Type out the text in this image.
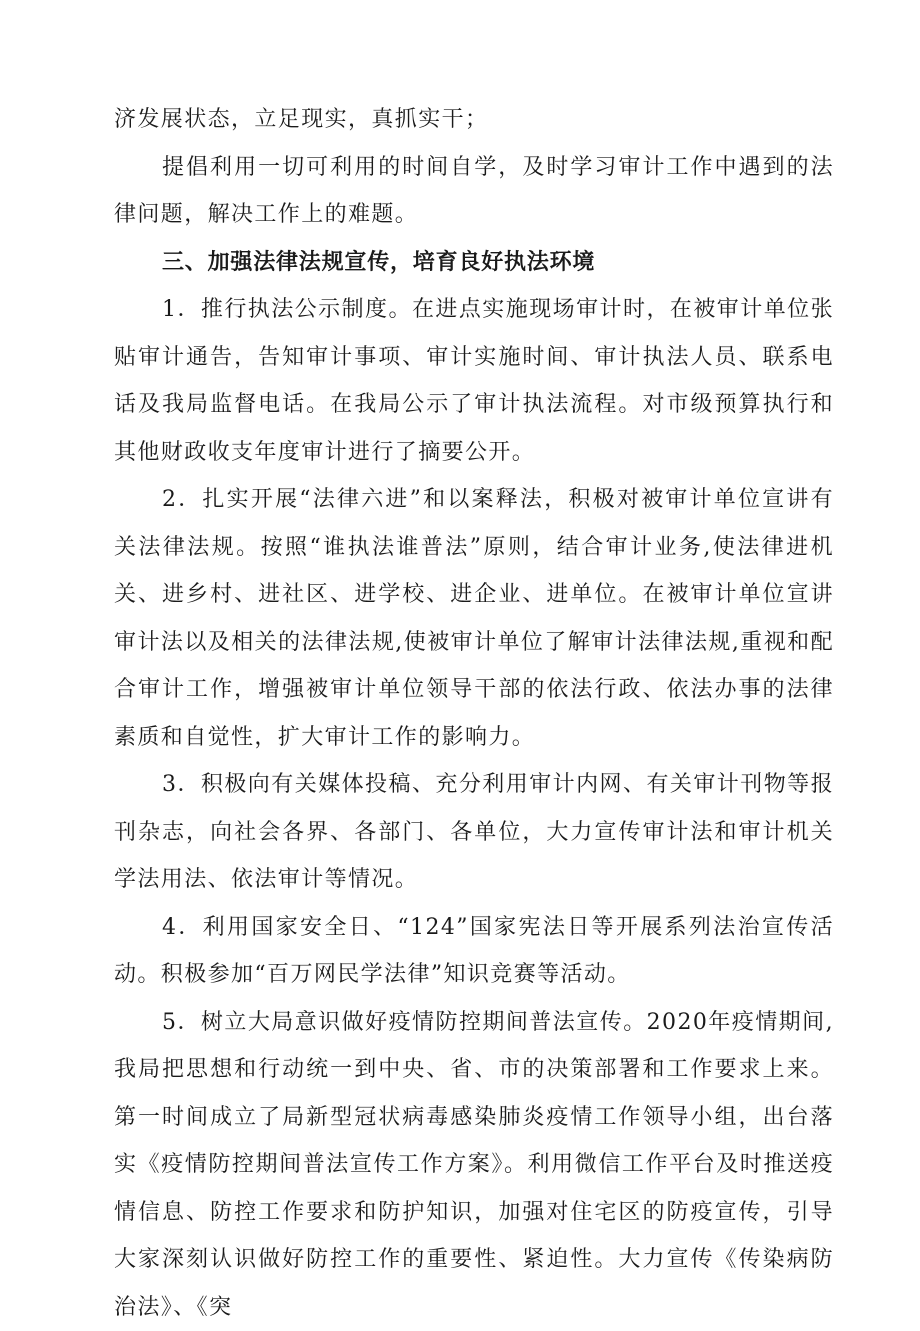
济发展状态，立足现实，真抓实干；

提倡利用一切可利用的时间自学，及时学习审计工作中遇到的法律问题，解决工作上的难题。

三、加强法律法规宣传，培育良好执法环境

1．推行执法公示制度。在进点实施现场审计时，在被审计单位张贴审计通告，告知审计事项、审计实施时间、审计执法人员、联系电话及我局监督电话。在我局公示了审计执法流程。对市级预算执行和其他财政收支年度审计进行了摘要公开。

2．扎实开展“法律六进”和以案释法，积极对被审计单位宣讲有关法律法规。按照“谁执法谁普法”原则，结合审计业务,使法律进机关、进乡村、进社区、进学校、进企业、进单位。在被审计单位宣讲审计法以及相关的法律法规,使被审计单位了解审计法律法规,重视和配合审计工作，增强被审计单位领导干部的依法行政、依法办事的法律素质和自觉性，扩大审计工作的影响力。

3．积极向有关媒体投稿、充分利用审计内网、有关审计刊物等报刊杂志，向社会各界、各部门、各单位，大力宣传审计法和审计机关学法用法、依法审计等情况。

4．利用国家安全日、“124”国家宪法日等开展系列法治宣传活动。积极参加“百万网民学法律”知识竞赛等活动。

5．树立大局意识做好疫情防控期间普法宣传。2020年疫情期间,我局把思想和行动统一到中央、省、市的决策部署和工作要求上来。第一时间成立了局新型冠状病毒感染肺炎疫情工作领导小组，出台落实《疫情防控期间普法宣传工作方案》。利用微信工作平台及时推送疫情信息、防控工作要求和防护知识，加强对住宅区的防疫宣传，引导大家深刻认识做好防控工作的重要性、紧迫性。大力宣传《传染病防治法》、《突
